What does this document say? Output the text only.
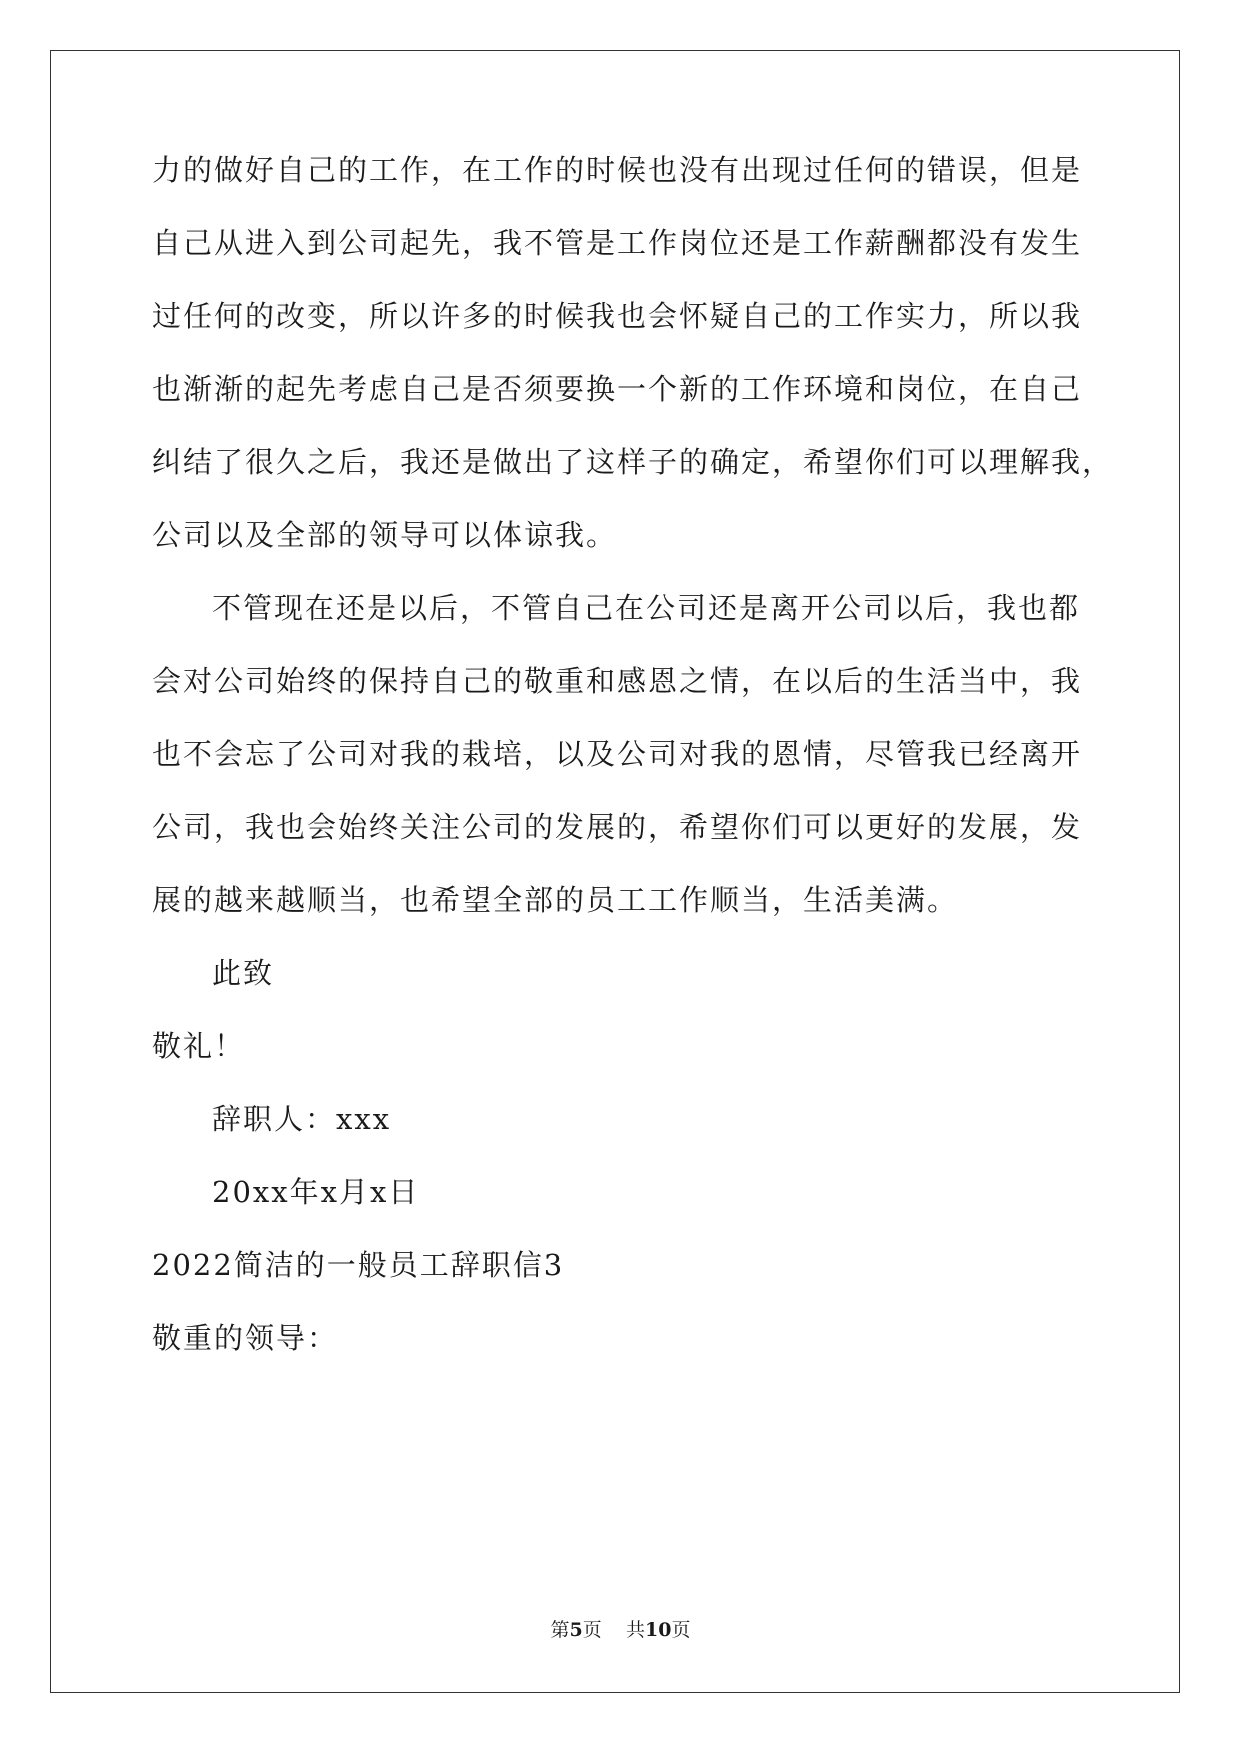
力的做好自己的工作，在工作的时候也没有出现过任何的错误，但是
自己从进入到公司起先，我不管是工作岗位还是工作薪酬都没有发生
过任何的改变，所以许多的时候我也会怀疑自己的工作实力，所以我
也渐渐的起先考虑自己是否须要换一个新的工作环境和岗位，在自己
纠结了很久之后，我还是做出了这样子的确定，希望你们可以理解我，
公司以及全部的领导可以体谅我。
不管现在还是以后，不管自己在公司还是离开公司以后，我也都
会对公司始终的保持自己的敬重和感恩之情，在以后的生活当中，我
也不会忘了公司对我的栽培，以及公司对我的恩情，尽管我已经离开
公司，我也会始终关注公司的发展的，希望你们可以更好的发展，发
展的越来越顺当，也希望全部的员工工作顺当，生活美满。
此致
敬礼！
辞职人：xxx
20xx年x月x日
2022简洁的一般员工辞职信3
敬重的领导：
第5页 共10页
